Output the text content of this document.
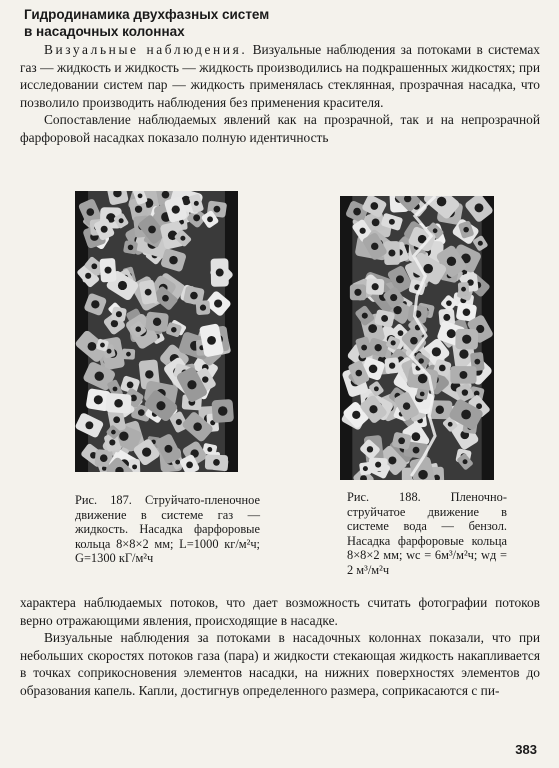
Гидродинамика двухфазных систем
в насадочных колоннах

Визуальные наблюдения. Визуальные наблюдения за потоками в системах газ — жидкость и жидкость — жидкость производились на подкрашенных жидкостях; при исследовании систем пар — жидкость применялась стеклянная, прозрачная насадка, что позволило производить наблюдения без применения красителя.

Сопоставление наблюдаемых явлений как на прозрачной, так и на непрозрачной фарфоровой насадках показало полную идентичность

Рис. 187. Струйчато-пленочное движение в системе газ — жидкость. Насадка фарфоровые кольца 8×8×2 мм; L=1000 кг/м²ч; G=1300 кГ/м²ч
Рис. 188. Пленочно-струйчатое движение в системе вода — бензол. Насадка фарфоровые кольца 8×8×2 мм; wс = 6м³/м²ч; wд = 2 м³/м²ч

характера наблюдаемых потоков, что дает возможность считать фотографии потоков верно отражающими явления, происходящие в насадке.

Визуальные наблюдения за потоками в насадочных колоннах показали, что при небольших скоростях потоков газа (пара) и жидкости стекающая жидкость накапливается в точках соприкосновения элементов насадки, на нижних поверхностях элементов до образования капель. Капли, достигнув определенного размера, соприкасаются с пи-

383
